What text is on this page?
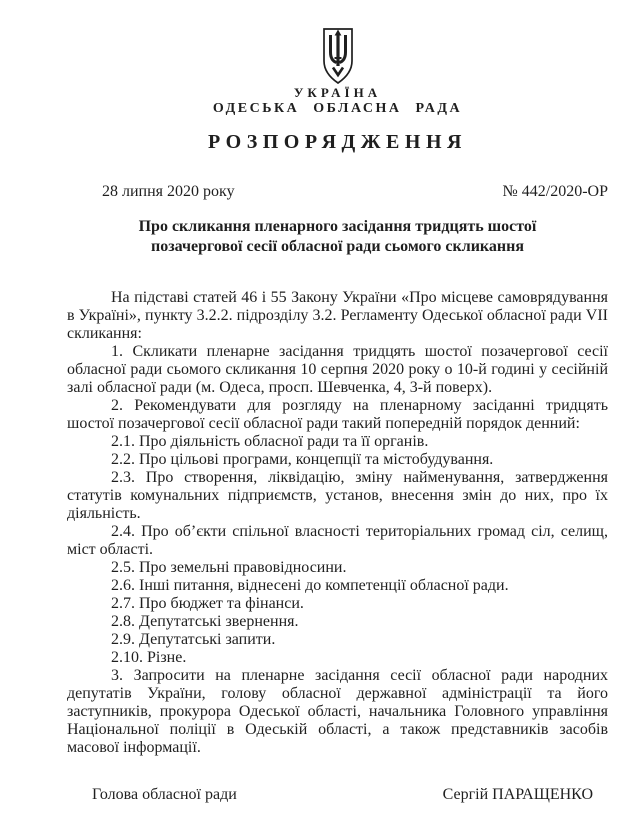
УКРАЇНА
ОДЕСЬКА ОБЛАСНА РАДА
РОЗПОРЯДЖЕННЯ
28 липня 2020 року	№ 442/2020-ОР
Про скликання пленарного засідання тридцять шостої
позачергової сесії обласної ради сьомого скликання

На підставі статей 46 і 55 Закону України «Про місцеве самоврядування в Україні», пункту 3.2.2. підрозділу 3.2. Регламенту Одеської обласної ради VII скликання:

1. Скликати пленарне засідання тридцять шостої позачергової сесії обласної ради сьомого скликання 10 серпня 2020 року о 10-й годині у сесійній залі обласної ради (м. Одеса, просп. Шевченка, 4, 3-й поверх).

2. Рекомендувати для розгляду на пленарному засіданні тридцять шостої позачергової сесії обласної ради такий попередній порядок денний:

2.1. Про діяльність обласної ради та її органів.

2.2. Про цільові програми, концепції та містобудування.

2.3. Про створення, ліквідацію, зміну найменування, затвердження статутів комунальних підприємств, установ, внесення змін до них, про їх діяльність.

2.4. Про об’єкти спільної власності територіальних громад сіл, селищ, міст області.

2.5. Про земельні правовідносини.

2.6. Інші питання, віднесені до компетенції обласної ради.

2.7. Про бюджет та фінанси.

2.8. Депутатські звернення.

2.9. Депутатські запити.

2.10. Різне.

3. Запросити на пленарне засідання сесії обласної ради народних депутатів України, голову обласної державної адміністрації та його заступників, прокурора Одеської області, начальника Головного управління Національної поліції в Одеській області, а також представників засобів масової інформації.

Голова обласної ради	Сергій ПАРАЩЕНКО
